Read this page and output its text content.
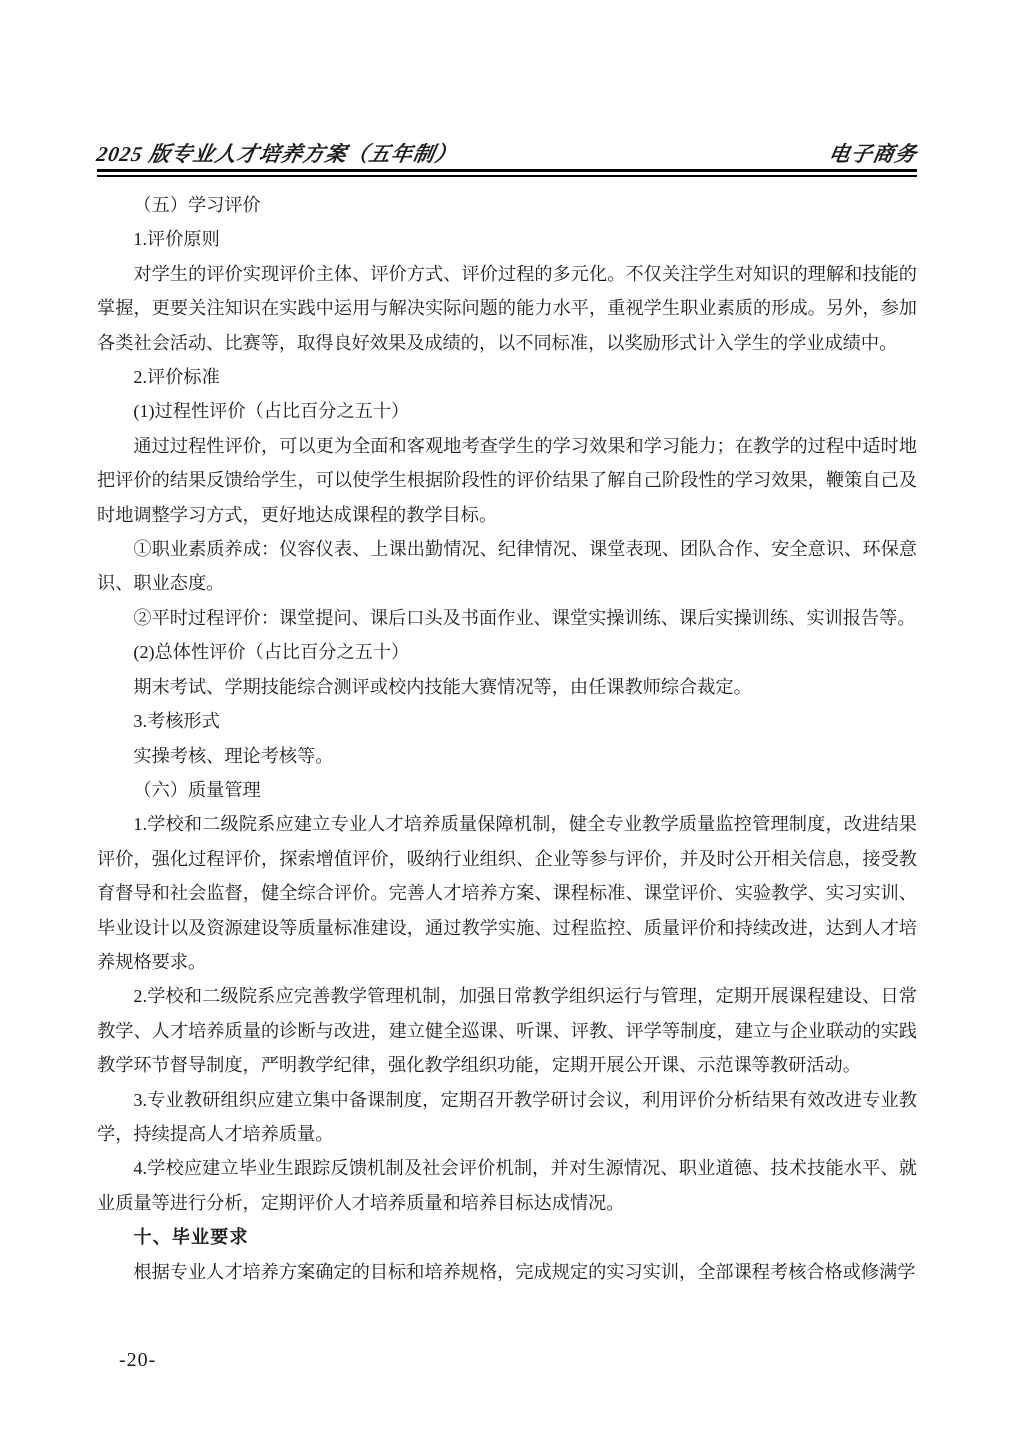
2025 版专业人才培养方案（五年制）	电子商务

（五）学习评价

1.评价原则

对学生的评价实现评价主体、评价方式、评价过程的多元化。不仅关注学生对知识的理解和技能的掌握，更要关注知识在实践中运用与解决实际问题的能力水平，重视学生职业素质的形成。另外，参加各类社会活动、比赛等，取得良好效果及成绩的，以不同标准，以奖励形式计入学生的学业成绩中。

2.评价标准

(1)过程性评价（占比百分之五十）

通过过程性评价，可以更为全面和客观地考查学生的学习效果和学习能力；在教学的过程中适时地把评价的结果反馈给学生，可以使学生根据阶段性的评价结果了解自己阶段性的学习效果，鞭策自己及时地调整学习方式，更好地达成课程的教学目标。

①职业素质养成：仪容仪表、上课出勤情况、纪律情况、课堂表现、团队合作、安全意识、环保意识、职业态度。

②平时过程评价：课堂提问、课后口头及书面作业、课堂实操训练、课后实操训练、实训报告等。

(2)总体性评价（占比百分之五十）

期末考试、学期技能综合测评或校内技能大赛情况等，由任课教师综合裁定。

3.考核形式

实操考核、理论考核等。

（六）质量管理

1.学校和二级院系应建立专业人才培养质量保障机制，健全专业教学质量监控管理制度，改进结果评价，强化过程评价，探索增值评价，吸纳行业组织、企业等参与评价，并及时公开相关信息，接受教育督导和社会监督，健全综合评价。完善人才培养方案、课程标准、课堂评价、实验教学、实习实训、毕业设计以及资源建设等质量标准建设，通过教学实施、过程监控、质量评价和持续改进，达到人才培养规格要求。

2.学校和二级院系应完善教学管理机制，加强日常教学组织运行与管理，定期开展课程建设、日常教学、人才培养质量的诊断与改进，建立健全巡课、听课、评教、评学等制度，建立与企业联动的实践教学环节督导制度，严明教学纪律，强化教学组织功能，定期开展公开课、示范课等教研活动。

3.专业教研组织应建立集中备课制度，定期召开教学研讨会议，利用评价分析结果有效改进专业教学，持续提高人才培养质量。

4.学校应建立毕业生跟踪反馈机制及社会评价机制，并对生源情况、职业道德、技术技能水平、就业质量等进行分析，定期评价人才培养质量和培养目标达成情况。

十、毕业要求

根据专业人才培养方案确定的目标和培养规格，完成规定的实习实训，全部课程考核合格或修满学

-20-
